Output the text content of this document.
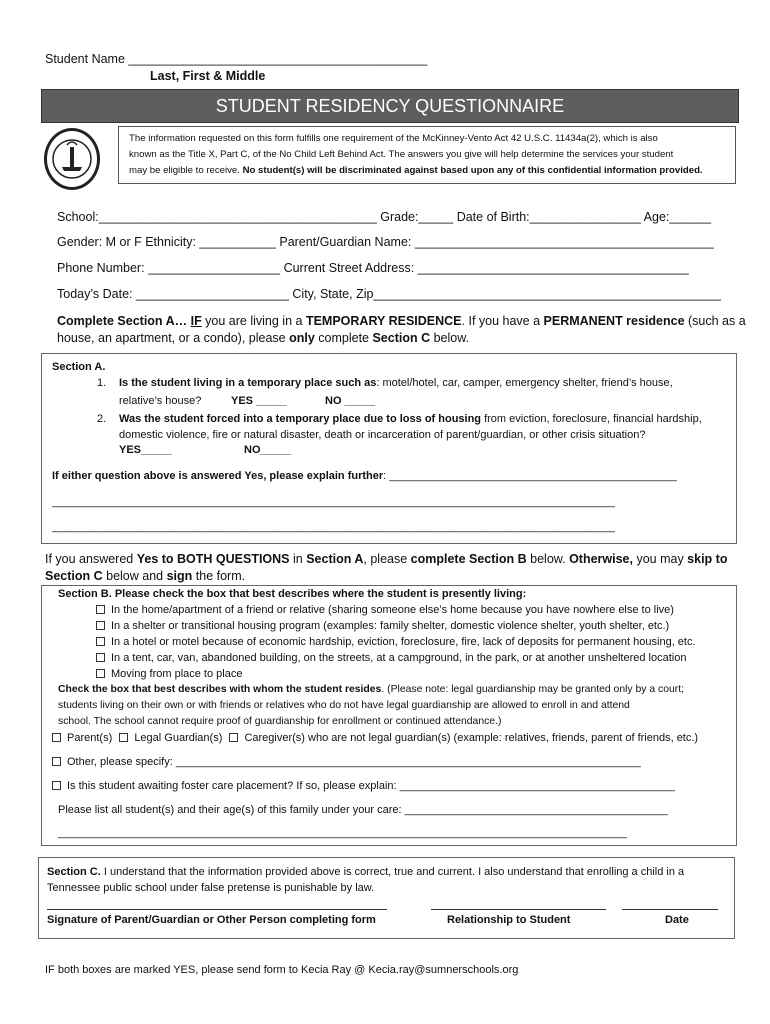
Student Name ___________________________________________
Last, First & Middle
STUDENT RESIDENCY QUESTIONNAIRE
The information requested on this form fulfills one requirement of the McKinney-Vento Act 42 U.S.C. 11434a(2), which is also
known as the Title X, Part C, of the No Child Left Behind Act. The answers you give will help determine the services your student
may be eligible to receive. No student(s) will be discriminated against based upon any of this confidential information provided.
School:________________________________________ Grade:_____ Date of Birth:________________ Age:______
Gender: M or F Ethnicity: ___________ Parent/Guardian Name: ___________________________________________
Phone Number: ___________________ Current Street Address: _______________________________________
Today’s Date: ______________________ City, State, Zip__________________________________________________
Complete Section A… IF you are living in a TEMPORARY RESIDENCE. If you have a PERMANENT residence (such as a
house, an apartment, or a condo), please only complete Section C below.
Section A.
1. Is the student living in a temporary place such as: motel/hotel, car, camper, emergency shelter, friend’s house,
relative’s house?	YES _____	NO _____
2. Was the student forced into a temporary place due to loss of housing from eviction, foreclosure, financial hardship,
domestic violence, fire or natural disaster, death or incarceration of parent/guardian, or other crisis situation?
YES_____	NO_____
If either question above is answered Yes, please explain further: _______________________________________________
____________________________________________________________________________________________
____________________________________________________________________________________________
If you answered Yes to BOTH QUESTIONS in Section A, please complete Section B below. Otherwise, you may skip to
Section C below and sign the form.
Section B. Please check the box that best describes where the student is presently living:
In the home/apartment of a friend or relative (sharing someone else’s home because you have nowhere else to live)
In a shelter or transitional housing program (examples: family shelter, domestic violence shelter, youth shelter, etc.)
In a hotel or motel because of economic hardship, eviction, foreclosure, fire, lack of deposits for permanent housing, etc.
In a tent, car, van, abandoned building, on the streets, at a campground, in the park, or at another unsheltered location
Moving from place to place
Check the box that best describes with whom the student resides. (Please note: legal guardianship may be granted only by a court;
students living on their own or with friends or relatives who do not have legal guardianship are allowed to enroll in and attend
school. The school cannot require proof of guardianship for enrollment or continued attendance.)
Parent(s) Legal Guardian(s) Caregiver(s) who are not legal guardian(s) (example: relatives, friends, parent of friends, etc.)
Other, please specify: ____________________________________________________________________________
Is this student awaiting foster care placement? If so, please explain: _____________________________________________
Please list all student(s) and their age(s) of this family under your care: ___________________________________________
_____________________________________________________________________________________________
Section C. I understand that the information provided above is correct, true and current. I also understand that enrolling a child in a
Tennessee public school under false pretense is punishable by law.
Signature of Parent/Guardian or Other Person completing form	Relationship to Student	Date
IF both boxes are marked YES, please send form to Kecia Ray @ Kecia.ray@sumnerschools.org
